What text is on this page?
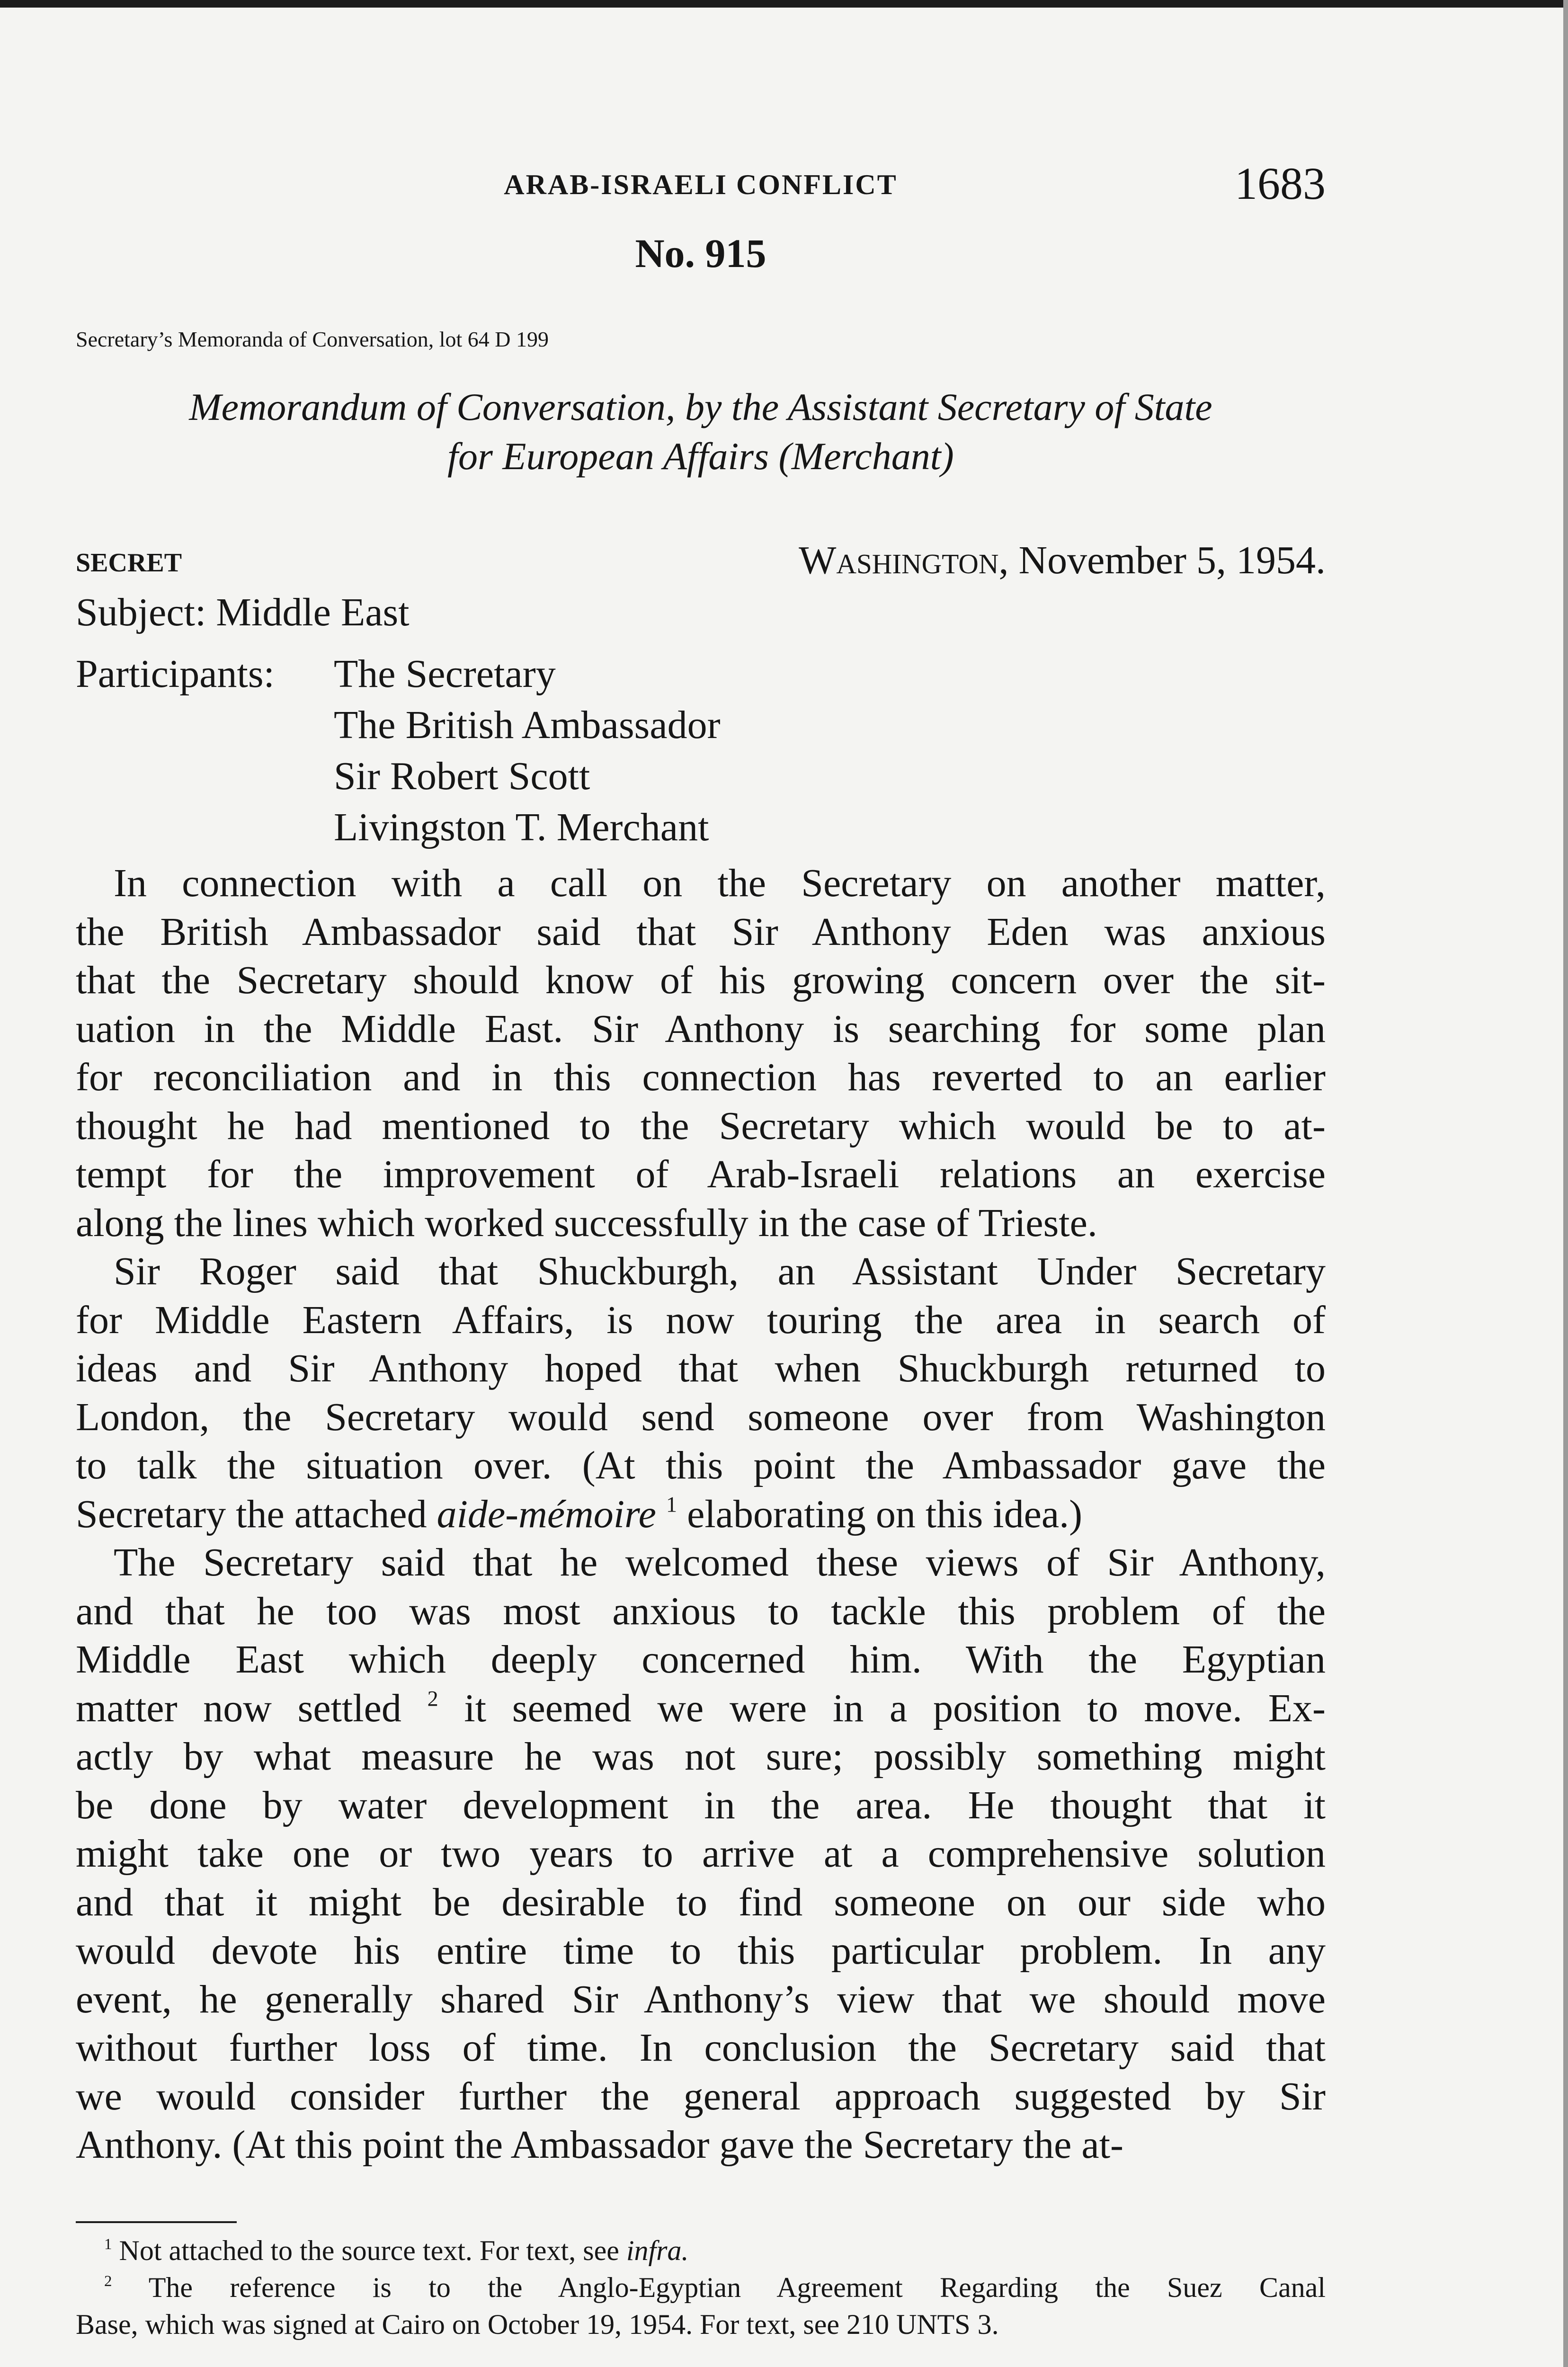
ARAB-ISRAELI CONFLICT	1683
No. 915
Secretary’s Memoranda of Conversation, lot 64 D 199
Memorandum of Conversation, by the Assistant Secretary of State
for European Affairs (Merchant)
SECRET	Washington, November 5, 1954.
Subject: Middle East
Participants: The Secretary
The British Ambassador
Sir Robert Scott
Livingston T. Merchant
In connection with a call on the Secretary on another matter,
the British Ambassador said that Sir Anthony Eden was anxious
that the Secretary should know of his growing concern over the sit-
uation in the Middle East. Sir Anthony is searching for some plan
for reconciliation and in this connection has reverted to an earlier
thought he had mentioned to the Secretary which would be to at-
tempt for the improvement of Arab-Israeli relations an exercise
along the lines which worked successfully in the case of Trieste.
Sir Roger said that Shuckburgh, an Assistant Under Secretary
for Middle Eastern Affairs, is now touring the area in search of
ideas and Sir Anthony hoped that when Shuckburgh returned to
London, the Secretary would send someone over from Washington
to talk the situation over. (At this point the Ambassador gave the
Secretary the attached aide-mémoire $^1$ elaborating on this idea.)
The Secretary said that he welcomed these views of Sir Anthony,
and that he too was most anxious to tackle this problem of the
Middle East which deeply concerned him. With the Egyptian
matter now settled $^2$ it seemed we were in a position to move. Ex-
actly by what measure he was not sure; possibly something might
be done by water development in the area. He thought that it
might take one or two years to arrive at a comprehensive solution
and that it might be desirable to find someone on our side who
would devote his entire time to this particular problem. In any
event, he generally shared Sir Anthony’s view that we should move
without further loss of time. In conclusion the Secretary said that
we would consider further the general approach suggested by Sir
Anthony. (At this point the Ambassador gave the Secretary the at-
$^1$ Not attached to the source text. For text, see infra.
$^2$ The reference is to the Anglo-Egyptian Agreement Regarding the Suez Canal
Base, which was signed at Cairo on October 19, 1954. For text, see 210 UNTS 3.
